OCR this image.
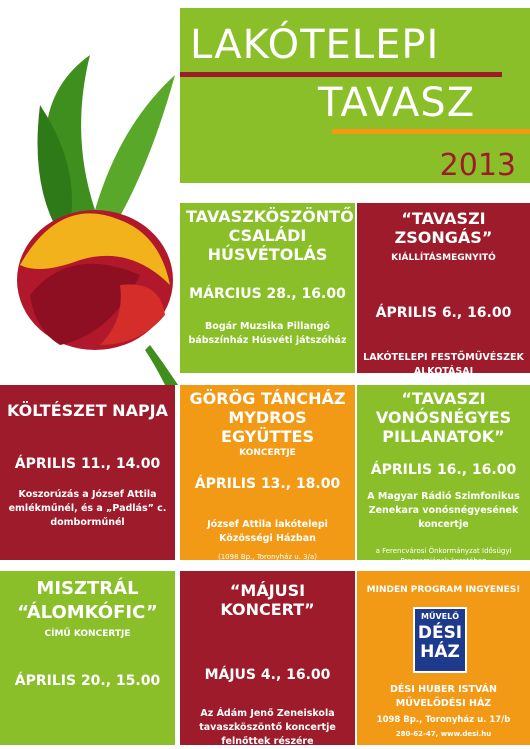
LAKÓTELEPI
TAVASZ
2013
TAVASZKÖSZÖNTŐ CSALÁDI HÚSVÉTOLÁS
MÁRCIUS 28., 16.00
Bogár Muzsika Pillangó bábszínház Húsvéti játszóház
“TAVASZI ZSONGÁS”
KIÁLLÍTÁSMEGNYITÓ
ÁPRILIS 6., 16.00
LAKÓTELEPI FESTŐMŰVÉSZEK ALKOTÁSAI
KÖLTÉSZET NAPJA
ÁPRILIS 11., 14.00
Koszorúzás a József Attila emlékműnél, és a „Padlás” c. dombormű​nél
GÖRÖG TÁNCHÁZ MYDROS EGYÜTTES
KONCERTJE
ÁPRILIS 13., 18.00
József Attila lakótelepi Közösségi Házban
(1098 Bp., Toronyház u. 3/a)
“TAVASZI VONÓSNÉGYES PILLANATOK”
ÁPRILIS 16., 16.00
A Magyar Rádió Szimfonikus Zenekara vonósnégyesének koncertje
a Ferencvárosi Önkormányzat Idősügyi Programjának keretében
MISZTRÁL “ÁLOMKÓFIC”
CÍMŰ KONCERTJE
ÁPRILIS 20., 15.00
“MÁJUSI KONCERT”
MÁJUS 4., 16.00
Az Ádám Jenő Zeneiskola tavaszköszöntő koncertje felnőttek részére
MINDEN PROGRAM INGYENES!
MŰVELŐ
DÉSI
HÁZ
DÉSI HUBER ISTVÁN MŰVELŐDÉSI HÁZ
1098 Bp., Toronyház u. 17/b
280-62-47, www.desi.hu
